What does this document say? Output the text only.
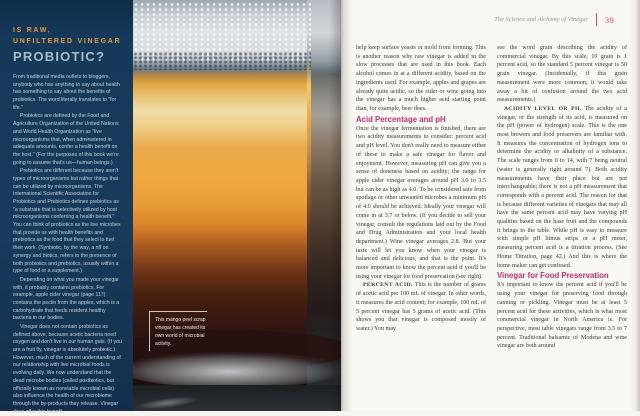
IS RAW,
UNFILTERED VINEGAR
PROBIOTIC?

From traditional media outlets to bloggers, anybody who has anything to say about health has something to say about the benefits of probiotics. The word literally translates to "for life."

Probiotics are defined by the Food and Agriculture Organization of the United Nations and World Health Organization as "live microorganisms that, when administered in adequate amounts, confer a health benefit on the host." (For the purposes of this book we're going to assume that's us—human beings.)

Prebiotics are different because they aren't types of microorganisms but rather things that can be utilized by microorganisms. The International Scientific Association for Probiotics and Prebiotics defines prebiotics as "a substrate that is selectively utilized by host microorganisms conferring a health benefit." You can think of probiotics as the live microbes that provide us with health benefits and prebiotics as the food that they select to fuel their work. (Synbiotic, by the way, a riff on synergy and biotics, refers to the presence of both probiotics and prebiotics, usually within a type of food or a supplement.)

Depending on what you made your vinegar with, it probably contains prebiotics. For example, apple cider vinegar (page 117) contains the pectin from the apples, which is a carbohydrate that feeds resident healthy bacteria in our bodies.

Vinegar does not contain probiotics as defined above, because acetic bacteria need oxygen and don't live in our human guts. (If you are a fruit fly, vinegar is absolutely probiotic.) However, much of the current understanding of our relationship with live microbial foods is evolving daily. We now understand that the dead microbe bodies (called postbiotics, but officially known as nonviable microbial cells) also influence the health of our microbiome through the by-products they release. Vinegar does offer this benefit.

This mango peel scrap vinegar has created its own world of microbial activity.
The Science and Alchemy of Vinegar 39

help keep surface yeasts or mold from forming. This is another reason why raw vinegar is added in the slow processes that are used in this book. Each alcohol comes in at a different acidity, based on the ingredients used. For example, apples and grapes are already quite acidic, so the cider or wine going into the vinegar has a much higher acid starting point than, for example, beer does.

Acid Percentage and pH

Once the vinegar fermentation is finished, there are two acidity measurements to consider: percent acid and pH level. You don't really need to measure either of these to make a safe vinegar for flavor and enjoyment. However, measuring pH can give you a sense of doneness based on acidity; the range for apple cider vinegar averages around pH 3.0 to 3.5 but can be as high as 4.0. To be considered safe from spoilage or other unwanted microbes a minimum pH of 4.0 should be achieved. Ideally your vinegar will come in at 3.7 or below. (If you decide to sell your vinegar, consult the regulations laid out by the Food and Drug Administration and your local health department.) Wine vinegar averages 2.8. But your taste will let you know when your vinegar is balanced and delicious, and that is the point. It's more important to know the percent acid if you'll be using your vinegar for food preservation (see right).

PERCENT ACID. This is the number of grams of acetic acid per 100 mL of vinegar. In other words, it measures the acid content; for example, 100 mL of 5 percent vinegar has 5 grams of acetic acid. (This shows you that vinegar is composed mostly of water.) You may

see the word grain describing the acidity of commercial vinegar. By this scale, 10 grain is 1 percent acid, so the standard 5 percent vinegar is 50 grain vinegar. (Incidentally, if this grain measurement were more common, it would take away a bit of confusion around the two acid measurements.)

ACIDITY LEVEL OR PH. The acidity of a vinegar, or the strength of its acid, is measured on the pH (power of hydrogen) scale. This is the one most brewers and food preservers are familiar with. It measures the concentration of hydrogen ions to determine the acidity or alkalinity of a substance. The scale ranges from 0 to 14, with 7 being neutral (water is generally right around 7). Both acidity measurements have their place but are not interchangeable; there is not a pH measurement that corresponds with a percent acid. The reason for that is because different varieties of vinegars that may all have the same percent acid may have varying pH qualities based on the base fruit and the compounds it brings to the table. While pH is easy to measure with simple pH litmus strips or a pH meter, measuring percent acid is a titration process. (See Home Titration, page 42.) And this is where the home maker can get confused.

Vinegar for Food Preservation

It's important to know the percent acid if you'll be using your vinegar for preserving food through canning or pickling. Vinegar must be at least 5 percent acid for these activities, which is what most commercial vinegar in North America is. For perspective, most table vinegars range from 3.5 to 7 percent. Traditional balsamic of Modena and wine vinegar are both around
